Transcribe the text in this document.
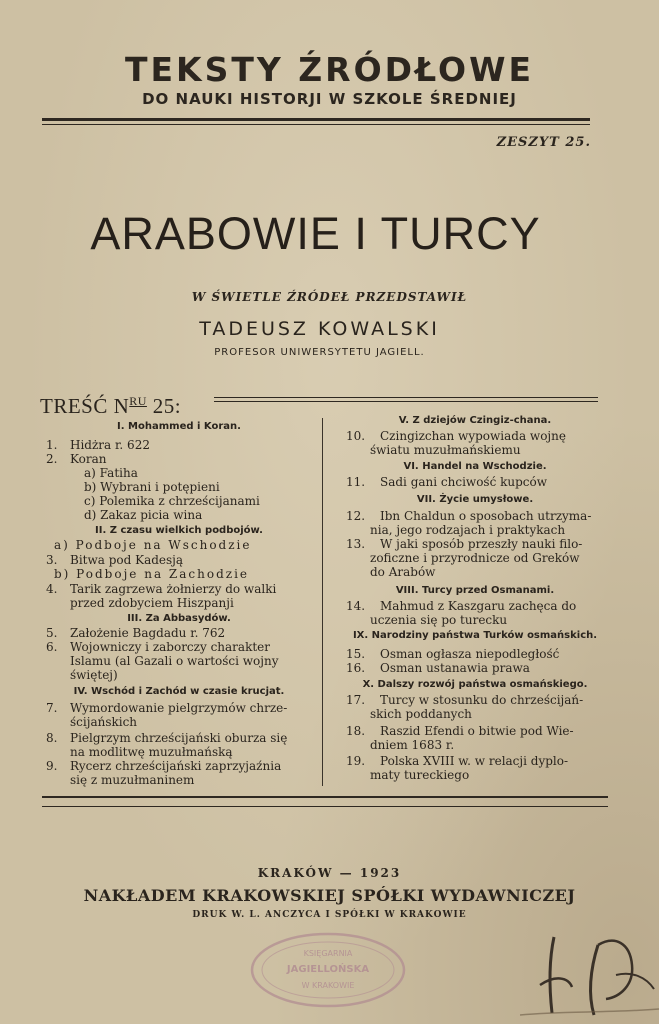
TEKSTY ŹRÓDŁOWE
DO NAUKI HISTORJI W SZKOLE ŚREDNIEJ
ZESZYT 25.
ARABOWIE I TURCY
W ŚWIETLE ŹRÓDEŁ PRZEDSTAWIŁ
TADEUSZ KOWALSKI
PROFESOR UNIWERSYTETU JAGIELL.
TREŚĆ $N^{RU}$ 25:
I. Mohammed i Koran.
1. Hidżra r. 622
2. Koran
a) Fatiha
b) Wybrani i potępieni
c) Polemika z chrześcijanami
d) Zakaz picia wina
II. Z czasu wielkich podbojów.
a) Podboje na Wschodzie
3. Bitwa pod Kadesją
b) Podboje na Zachodzie
4. Tarik zagrzewa żołnierzy do walki
przed zdobyciem Hiszpanji
III. Za Abbasydów.
5. Założenie Bagdadu r. 762
6. Wojowniczy i zaborczy charakter
Islamu (al Gazali o wartości wojny
świętej)
IV. Wschód i Zachód w czasie krucjat.
7. Wymordowanie pielgrzymów chrze-
ścijańskich
8. Pielgrzym chrześcijański oburza się
na modlitwę muzułmańską
9. Rycerz chrześcijański zaprzyjaźnia
się z muzułmaninem
V. Z dziejów Czingiz-chana.
10. Czingizchan wypowiada wojnę
światu muzułmańskiemu
VI. Handel na Wschodzie.
11. Sadi gani chciwość kupców
VII. Życie umysłowe.
12. Ibn Chaldun o sposobach utrzyma-
nia, jego rodzajach i praktykach
13. W jaki sposób przeszły nauki filo-
zoficzne i przyrodnicze od Greków
do Arabów
VIII. Turcy przed Osmanami.
14. Mahmud z Kaszgaru zachęca do
uczenia się po turecku
IX. Narodziny państwa Turków osmańskich.
15. Osman ogłasza niepodległość
16. Osman ustanawia prawa
X. Dalszy rozwój państwa osmańskiego.
17. Turcy w stosunku do chrześcijań-
skich poddanych
18. Raszid Efendi o bitwie pod Wie-
dniem 1683 r.
19. Polska XVIII w. w relacji dyplo-
maty tureckiego
KRAKÓW — 1923
NAKŁADEM KRAKOWSKIEJ SPÓŁKI WYDAWNICZEJ
DRUK W. L. ANCZYCA I SPÓŁKI W KRAKOWIE
KSIĘGARNIA
JAGIELLOŃSKA
W KRAKOWIE
